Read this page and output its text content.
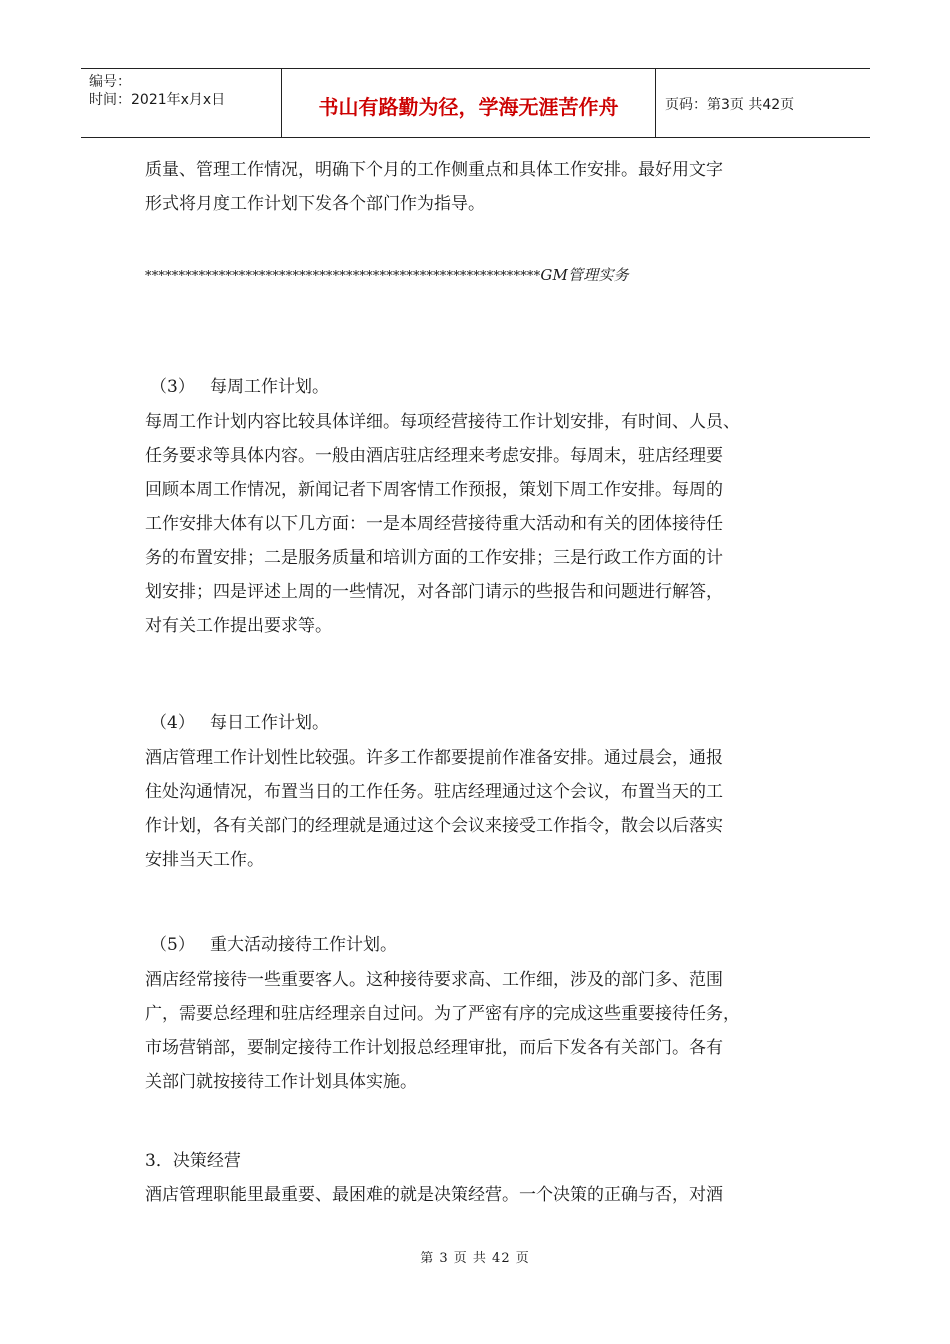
编号：
时间：2021年x月x日	书山有路勤为径，学海无涯苦作舟	页码：第3页 共42页

质量、管理工作情况，明确下个月的工作侧重点和具体工作安排。最好用文字

形式将月度工作计划下发各个部门作为指导。

***********************************************************GM管理实务
（3） 每周工作计划。

每周工作计划内容比较具体详细。每项经营接待工作计划安排，有时间、人员、

任务要求等具体内容。一般由酒店驻店经理来考虑安排。每周末，驻店经理要

回顾本周工作情况，新闻记者下周客情工作预报，策划下周工作安排。每周的

工作安排大体有以下几方面：一是本周经营接待重大活动和有关的团体接待任

务的布置安排；二是服务质量和培训方面的工作安排；三是行政工作方面的计

划安排；四是评述上周的一些情况，对各部门请示的些报告和问题进行解答，

对有关工作提出要求等。

（4） 每日工作计划。

酒店管理工作计划性比较强。许多工作都要提前作准备安排。通过晨会，通报

住处沟通情况，布置当日的工作任务。驻店经理通过这个会议，布置当天的工

作计划，各有关部门的经理就是通过这个会议来接受工作指令，散会以后落实

安排当天工作。

（5） 重大活动接待工作计划。

酒店经常接待一些重要客人。这种接待要求高、工作细，涉及的部门多、范围

广，需要总经理和驻店经理亲自过问。为了严密有序的完成这些重要接待任务，

市场营销部，要制定接待工作计划报总经理审批，而后下发各有关部门。各有

关部门就按接待工作计划具体实施。

3．决策经营

酒店管理职能里最重要、最困难的就是决策经营。一个决策的正确与否，对酒

第 3 页 共 42 页
